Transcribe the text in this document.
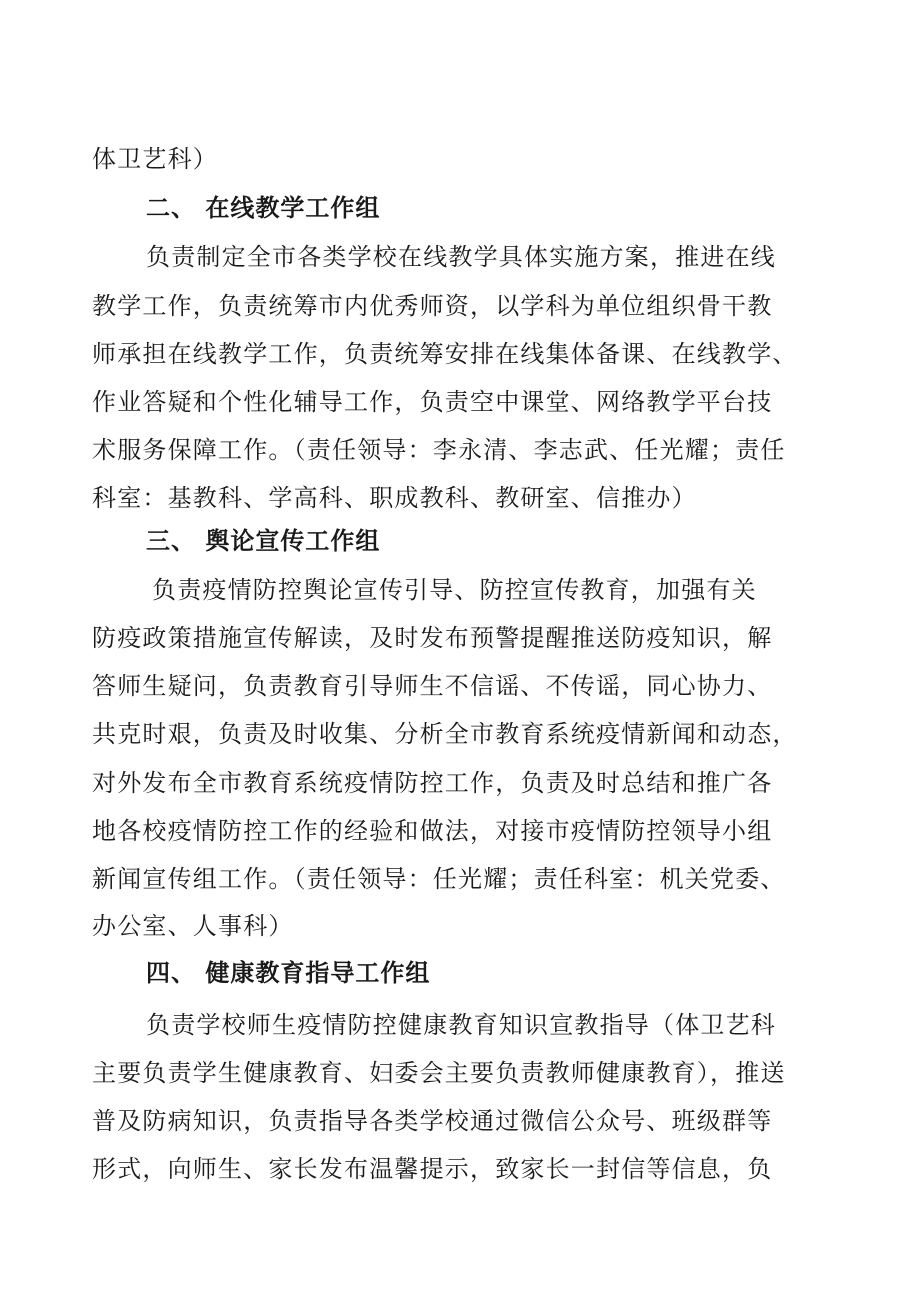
体卫艺科）
二、 在线教学工作组
负责制定全市各类学校在线教学具体实施方案，推进在线
教学工作，负责统筹市内优秀师资，以学科为单位组织骨干教
师承担在线教学工作，负责统筹安排在线集体备课、在线教学、
作业答疑和个性化辅导工作，负责空中课堂、网络教学平台技
术服务保障工作。（责任领导：李永清、李志武、任光耀；责任
科室：基教科、学高科、职成教科、教研室、信推办）
三、 舆论宣传工作组
负责疫情防控舆论宣传引导、防控宣传教育，加强有关
防疫政策措施宣传解读，及时发布预警提醒推送防疫知识，解
答师生疑问，负责教育引导师生不信谣、不传谣，同心协力、
共克时艰，负责及时收集、分析全市教育系统疫情新闻和动态，
对外发布全市教育系统疫情防控工作，负责及时总结和推广各
地各校疫情防控工作的经验和做法，对接市疫情防控领导小组
新闻宣传组工作。（责任领导：任光耀；责任科室：机关党委、
办公室、人事科）
四、 健康教育指导工作组
负责学校师生疫情防控健康教育知识宣教指导（体卫艺科
主要负责学生健康教育、妇委会主要负责教师健康教育），推送
普及防病知识，负责指导各类学校通过微信公众号、班级群等
形式，向师生、家长发布温馨提示，致家长一封信等信息，负
